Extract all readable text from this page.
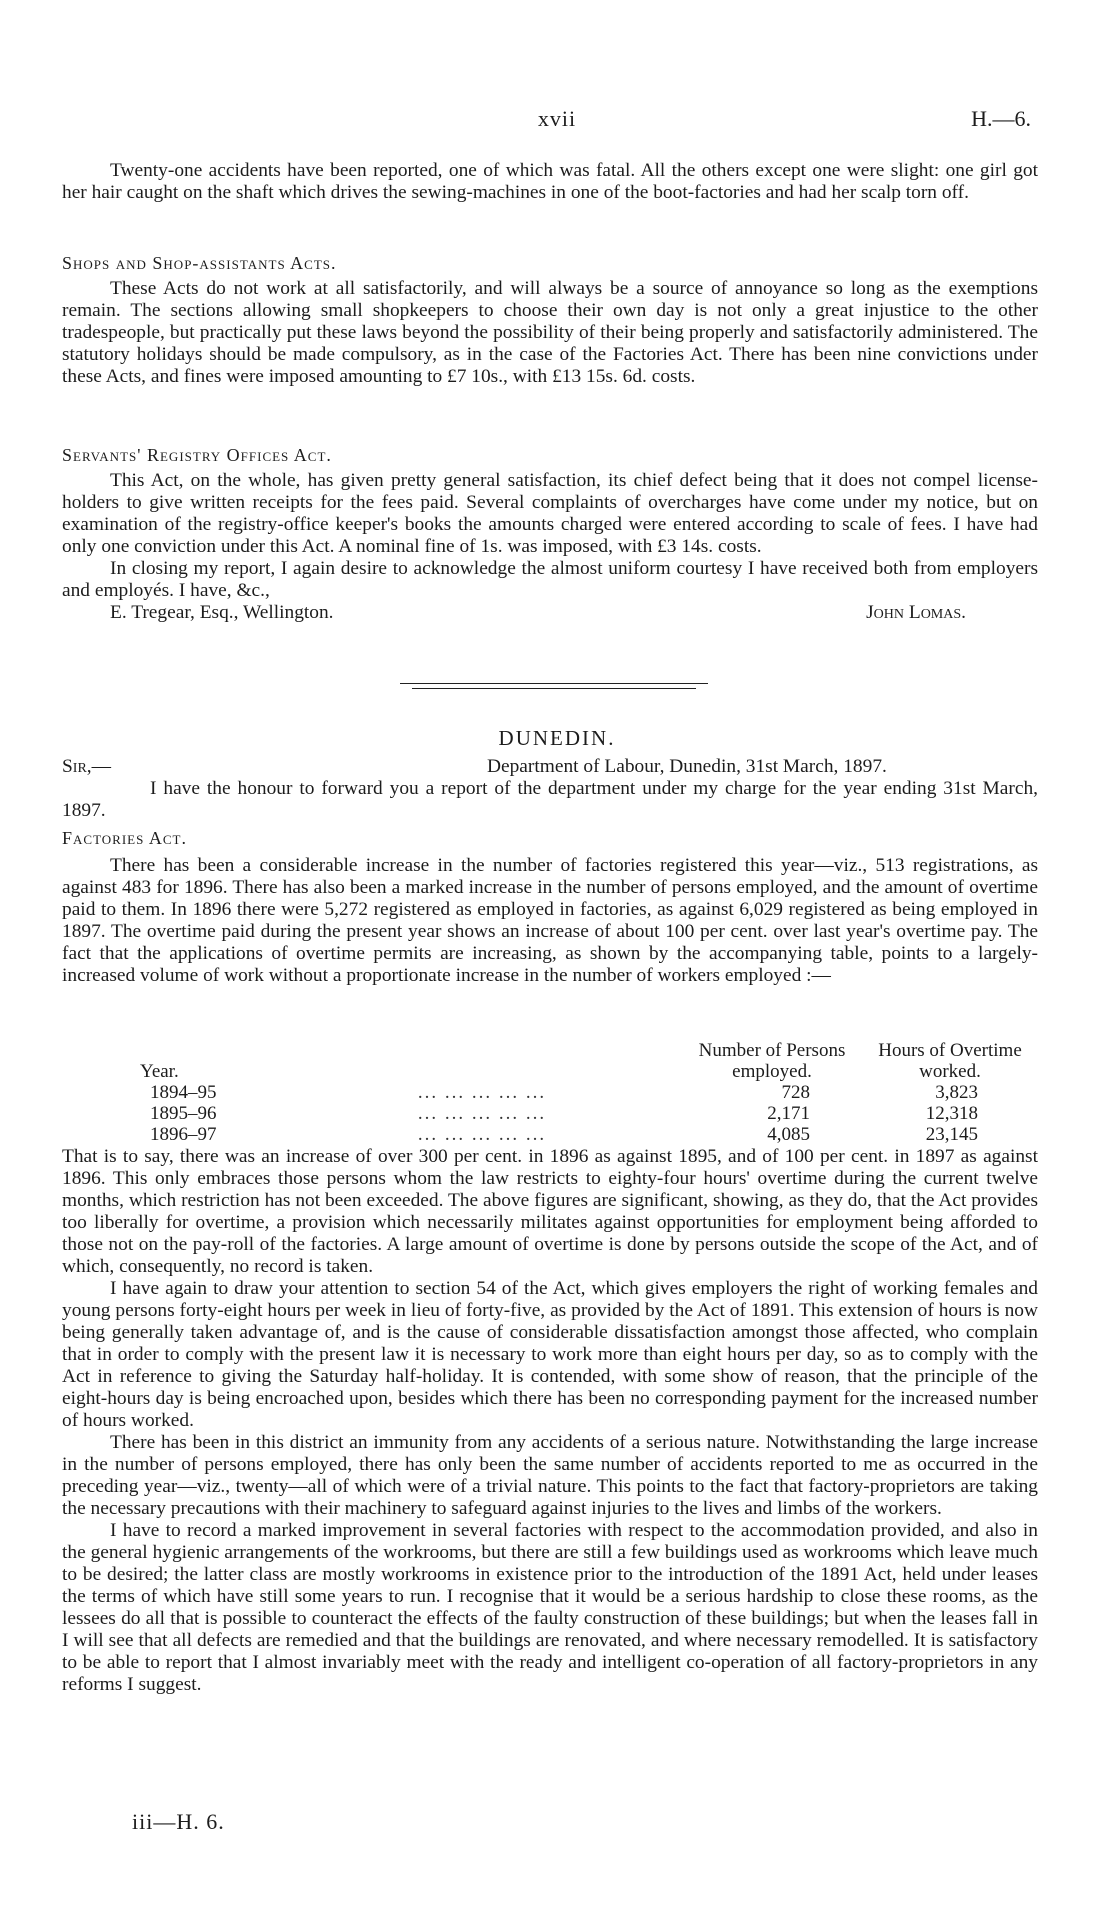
xvii	H.—6.

Twenty-one accidents have been reported, one of which was fatal. All the others except one were slight: one girl got her hair caught on the shaft which drives the sewing-machines in one of the boot-factories and had her scalp torn off.

Shops and Shop-assistants Acts.

These Acts do not work at all satisfactorily, and will always be a source of annoyance so long as the exemptions remain. The sections allowing small shopkeepers to choose their own day is not only a great injustice to the other tradespeople, but practically put these laws beyond the possibility of their being properly and satisfactorily administered. The statutory holidays should be made compulsory, as in the case of the Factories Act. There has been nine convictions under these Acts, and fines were imposed amounting to £7 10s., with £13 15s. 6d. costs.

Servants' Registry Offices Act.

This Act, on the whole, has given pretty general satisfaction, its chief defect being that it does not compel license-holders to give written receipts for the fees paid. Several complaints of overcharges have come under my notice, but on examination of the registry-office keeper's books the amounts charged were entered according to scale of fees. I have had only one conviction under this Act. A nominal fine of 1s. was imposed, with £3 14s. costs.

In closing my report, I again desire to acknowledge the almost uniform courtesy I have received both from employers and employés. I have, &c.,

E. Tregear, Esq., Wellington.	John Lomas.
DUNEDIN.
Sir,—	Department of Labour, Dunedin, 31st March, 1897.

I have the honour to forward you a report of the department under my charge for the year ending 31st March, 1897.

Factories Act.

There has been a considerable increase in the number of factories registered this year—viz., 513 registrations, as against 483 for 1896. There has also been a marked increase in the number of persons employed, and the amount of overtime paid to them. In 1896 there were 5,272 registered as employed in factories, as against 6,029 registered as being employed in 1897. The overtime paid during the present year shows an increase of about 100 per cent. over last year's overtime pay. The fact that the applications of overtime permits are increasing, as shown by the accompanying table, points to a largely-increased volume of work without a proportionate increase in the number of workers employed :—

Year.		Number of Persons employed.	Hours of Overtime worked.
1894–95	... ... ... ... ...	728	3,823
1895–96	... ... ... ... ...	2,171	12,318
1896–97	... ... ... ... ...	4,085	23,145

That is to say, there was an increase of over 300 per cent. in 1896 as against 1895, and of 100 per cent. in 1897 as against 1896. This only embraces those persons whom the law restricts to eighty-four hours' overtime during the current twelve months, which restriction has not been exceeded. The above figures are significant, showing, as they do, that the Act provides too liberally for overtime, a provision which necessarily militates against opportunities for employment being afforded to those not on the pay-roll of the factories. A large amount of overtime is done by persons outside the scope of the Act, and of which, consequently, no record is taken.

I have again to draw your attention to section 54 of the Act, which gives employers the right of working females and young persons forty-eight hours per week in lieu of forty-five, as provided by the Act of 1891. This extension of hours is now being generally taken advantage of, and is the cause of considerable dissatisfaction amongst those affected, who complain that in order to comply with the present law it is necessary to work more than eight hours per day, so as to comply with the Act in reference to giving the Saturday half-holiday. It is contended, with some show of reason, that the principle of the eight-hours day is being encroached upon, besides which there has been no corresponding payment for the increased number of hours worked.

There has been in this district an immunity from any accidents of a serious nature. Notwithstanding the large increase in the number of persons employed, there has only been the same number of accidents reported to me as occurred in the preceding year—viz., twenty—all of which were of a trivial nature. This points to the fact that factory-proprietors are taking the necessary precautions with their machinery to safeguard against injuries to the lives and limbs of the workers.

I have to record a marked improvement in several factories with respect to the accommodation provided, and also in the general hygienic arrangements of the workrooms, but there are still a few buildings used as workrooms which leave much to be desired; the latter class are mostly workrooms in existence prior to the introduction of the 1891 Act, held under leases the terms of which have still some years to run. I recognise that it would be a serious hardship to close these rooms, as the lessees do all that is possible to counteract the effects of the faulty construction of these buildings; but when the leases fall in I will see that all defects are remedied and that the buildings are renovated, and where necessary remodelled. It is satisfactory to be able to report that I almost invariably meet with the ready and intelligent co-operation of all factory-proprietors in any reforms I suggest.

iii—H. 6.
